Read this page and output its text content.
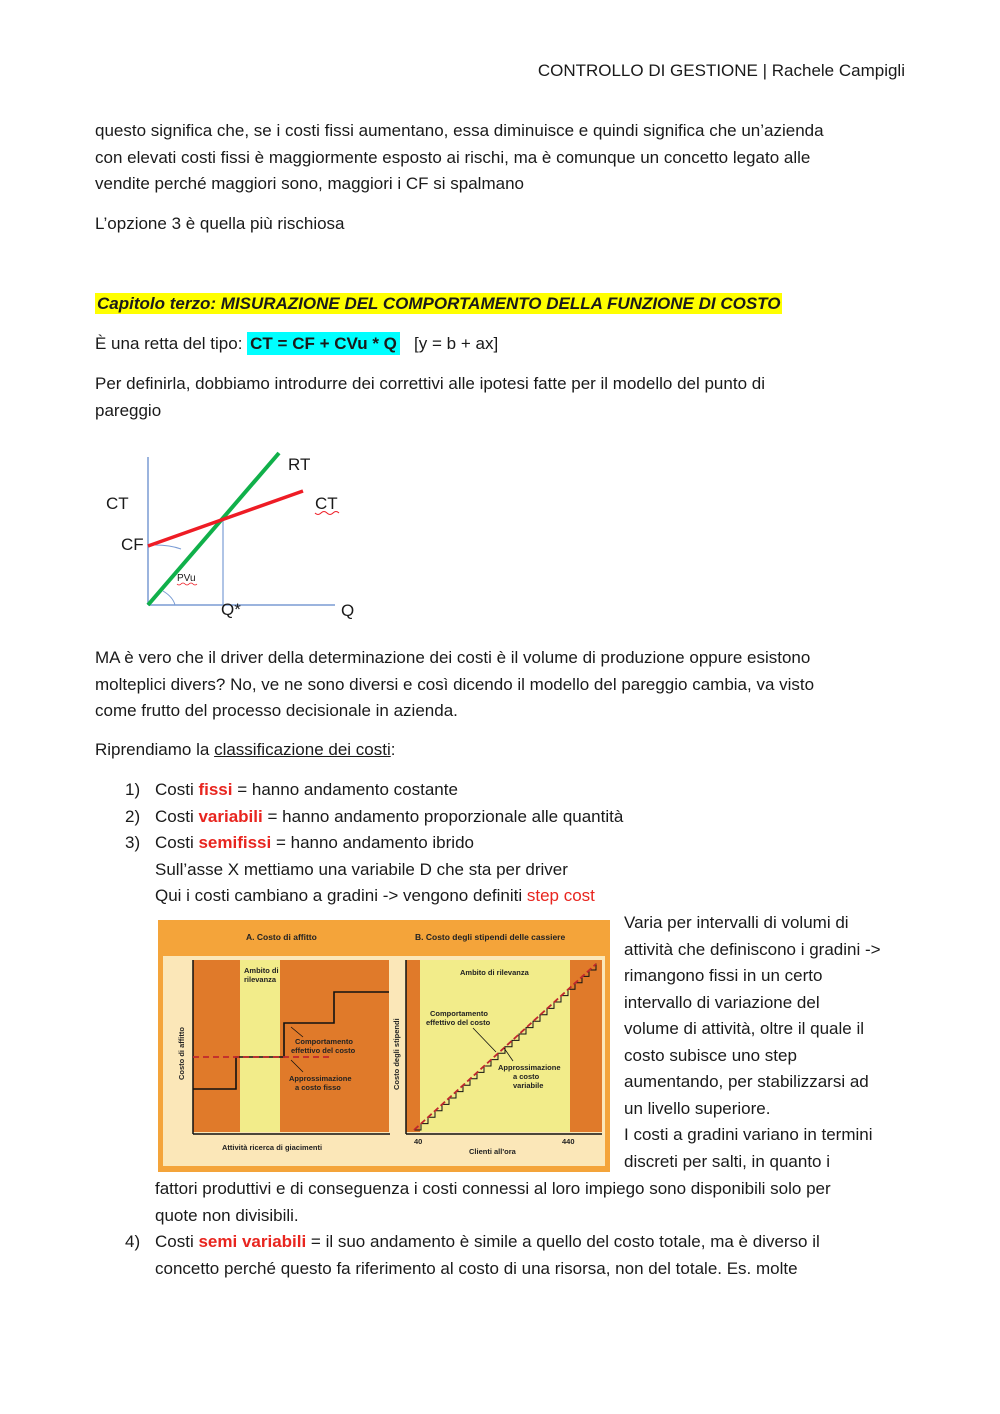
CONTROLLO DI GESTIONE | Rachele Campigli
questo significa che, se i costi fissi aumentano, essa diminuisce e quindi significa che un’azienda
con elevati costi fissi è maggiormente esposto ai rischi, ma è comunque un concetto legato alle
vendite perché maggiori sono, maggiori i CF si spalmano
L’opzione 3 è quella più rischiosa
Capitolo terzo: MISURAZIONE DEL COMPORTAMENTO DELLA FUNZIONE DI COSTO
È una retta del tipo: CT = CF + CVu * Q   [y = b + ax]
Per definirla, dobbiamo introdurre dei correttivi alle ipotesi fatte per il modello del punto di
pareggio
CT
CF
RT
CT
PVu
Q*	Q
MA è vero che il driver della determinazione dei costi è il volume di produzione oppure esistono
molteplici divers? No, ve ne sono diversi e così dicendo il modello del pareggio cambia, va visto
come frutto del processo decisionale in azienda.
Riprendiamo la classificazione dei costi:
1) Costi fissi = hanno andamento costante
2) Costi variabili = hanno andamento proporzionale alle quantità
3) Costi semifissi = hanno andamento ibrido
Sull’asse X mettiamo una variabile D che sta per driver
Qui i costi cambiano a gradini -> vengono definiti step cost
A. Costo di affitto	B. Costo degli stipendi delle cassiere
Ambito di
rilevanza
Comportamento
effettivo del costo
Approssimazione
a costo fisso
Costo di affitto
Attività ricerca di giacimenti
Ambito di rilevanza
Comportamento
effettivo del costo
Approssimazione
a costo
variabile
Costo degli stipendi
40	440
Clienti all'ora
Varia per intervalli di volumi di
attività che definiscono i gradini ->
rimangono fissi in un certo
intervallo di variazione del
volume di attività, oltre il quale il
costo subisce uno step
aumentando, per stabilizzarsi ad
un livello superiore.
I costi a gradini variano in termini
discreti per salti, in quanto i
fattori produttivi e di conseguenza i costi connessi al loro impiego sono disponibili solo per
quote non divisibili.
4) Costi semi variabili = il suo andamento è simile a quello del costo totale, ma è diverso il
concetto perché questo fa riferimento al costo di una risorsa, non del totale. Es. molte
